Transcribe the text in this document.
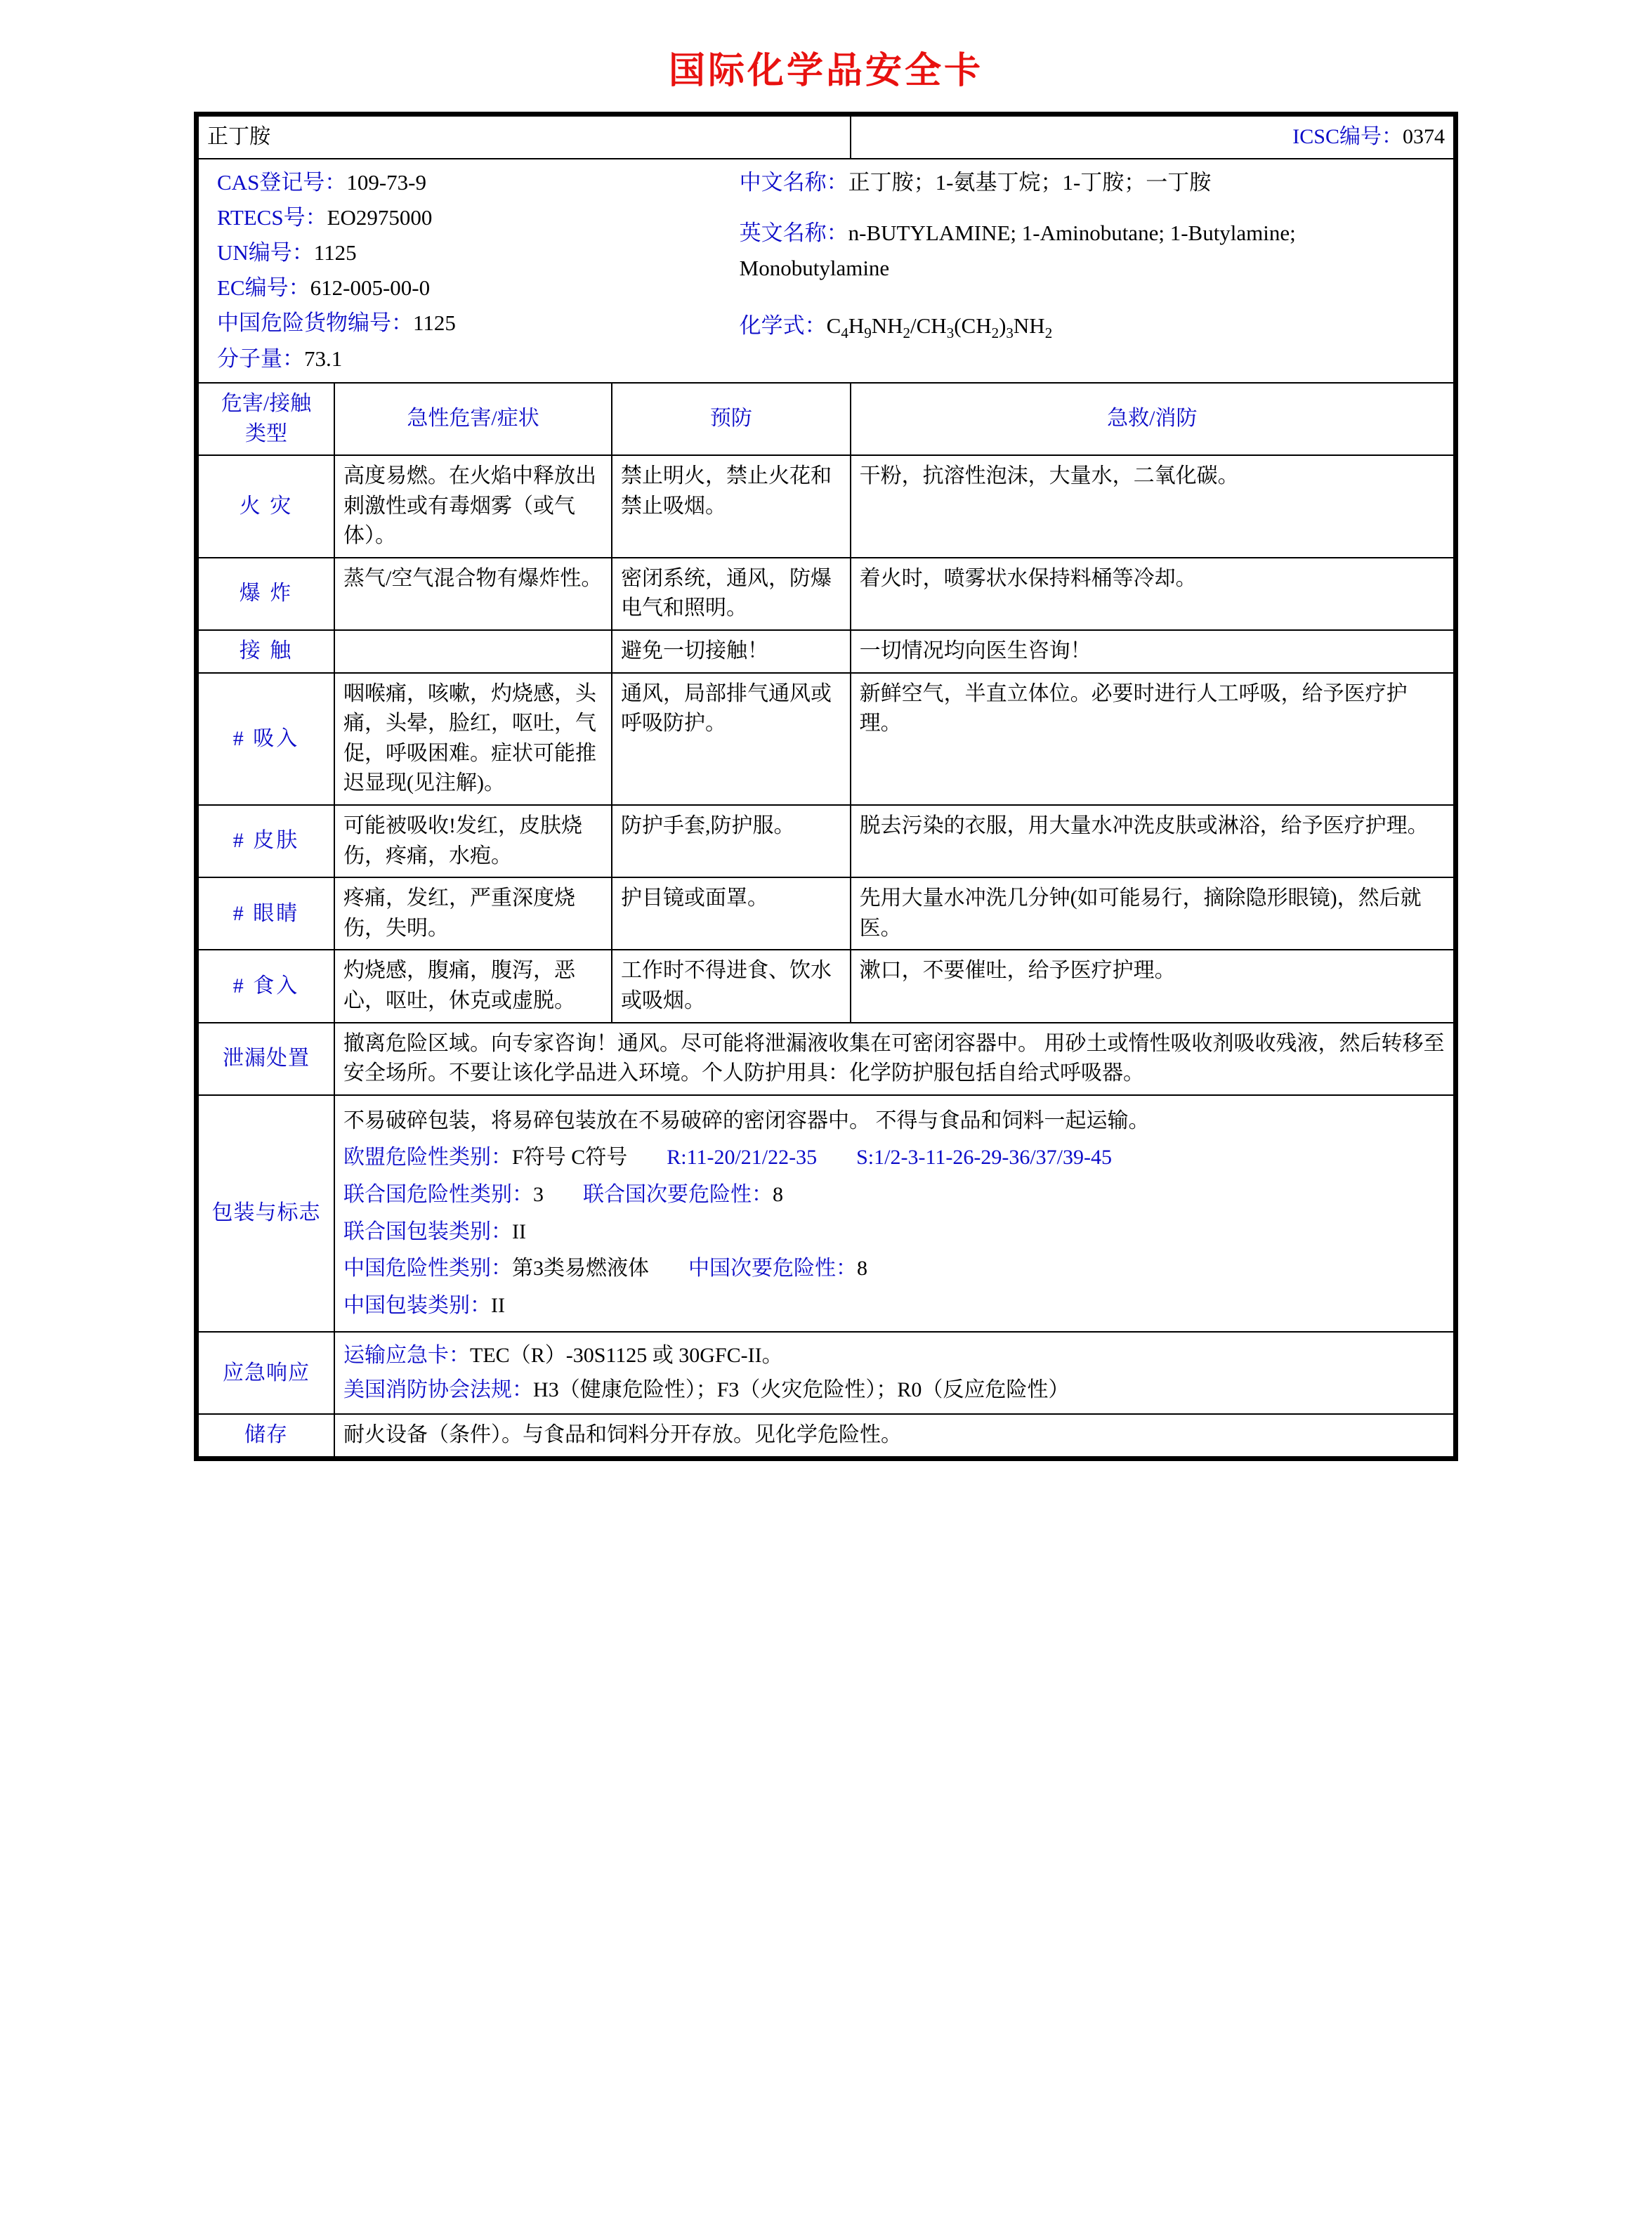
国际化学品安全卡
正丁胺			ICSC编号：0374

CAS登记号：109-73-9
RTECS号：EO2975000
UN编号：1125
EC编号：612-005-00-0
中国危险货物编号：1125
分子量：73.1
中文名称：正丁胺；1-氨基丁烷；1-丁胺；一丁胺
英文名称：n-BUTYLAMINE; 1-Aminobutane; 1-Butylamine; Monobutylamine
化学式：$C_4H_9NH_2/CH_3(CH_2)_3NH_2$

危害/接触
类型	急性危害/症状	预防	急救/消防
火 灾	高度易燃。在火焰中释放出刺激性或有毒烟雾（或气体）。	禁止明火，禁止火花和禁止吸烟。	干粉，抗溶性泡沫，大量水，二氧化碳。
爆 炸	蒸气/空气混合物有爆炸性。	密闭系统，通风，防爆电气和照明。	着火时，喷雾状水保持料桶等冷却。
接 触		避免一切接触！	一切情况均向医生咨询！
# 吸入	咽喉痛，咳嗽，灼烧感，头痛，头晕，脸红，呕吐，气促，呼吸困难。症状可能推迟显现(见注解)。	通风，局部排气通风或呼吸防护。	新鲜空气，半直立体位。必要时进行人工呼吸，给予医疗护理。
# 皮肤	可能被吸收!发红，皮肤烧伤，疼痛，水疱。	防护手套,防护服。	脱去污染的衣服，用大量水冲洗皮肤或淋浴，给予医疗护理。
# 眼睛	疼痛，发红，严重深度烧伤，失明。	护目镜或面罩。	先用大量水冲洗几分钟(如可能易行，摘除隐形眼镜)，然后就医。
# 食入	灼烧感，腹痛，腹泻，恶心，呕吐，休克或虚脱。	工作时不得进食、饮水或吸烟。	漱口，不要催吐，给予医疗护理。
泄漏处置	撤离危险区域。向专家咨询！通风。尽可能将泄漏液收集在可密闭容器中。 用砂土或惰性吸收剂吸收残液，然后转移至安全场所。不要让该化学品进入环境。个人防护用具：化学防护服包括自给式呼吸器。		
包装与标志	
不易破碎包装，将易碎包装放在不易破碎的密闭容器中。 不得与食品和饲料一起运输。
欧盟危险性类别：F符号 C符号 R:11-20/21/22-35 S:1/2-3-11-26-29-36/37/39-45
联合国危险性类别：3 联合国次要危险性：8
联合国包装类别：II
中国危险性类别：第3类易燃液体 中国次要危险性：8
中国包装类别：II

应急响应	运输应急卡：TEC（R）-30S1125 或 30GFC-II。
美国消防协会法规：H3（健康危险性）；F3（火灾危险性）；R0（反应危险性）		

储存	耐火设备（条件）。与食品和饲料分开存放。见化学危险性。		
